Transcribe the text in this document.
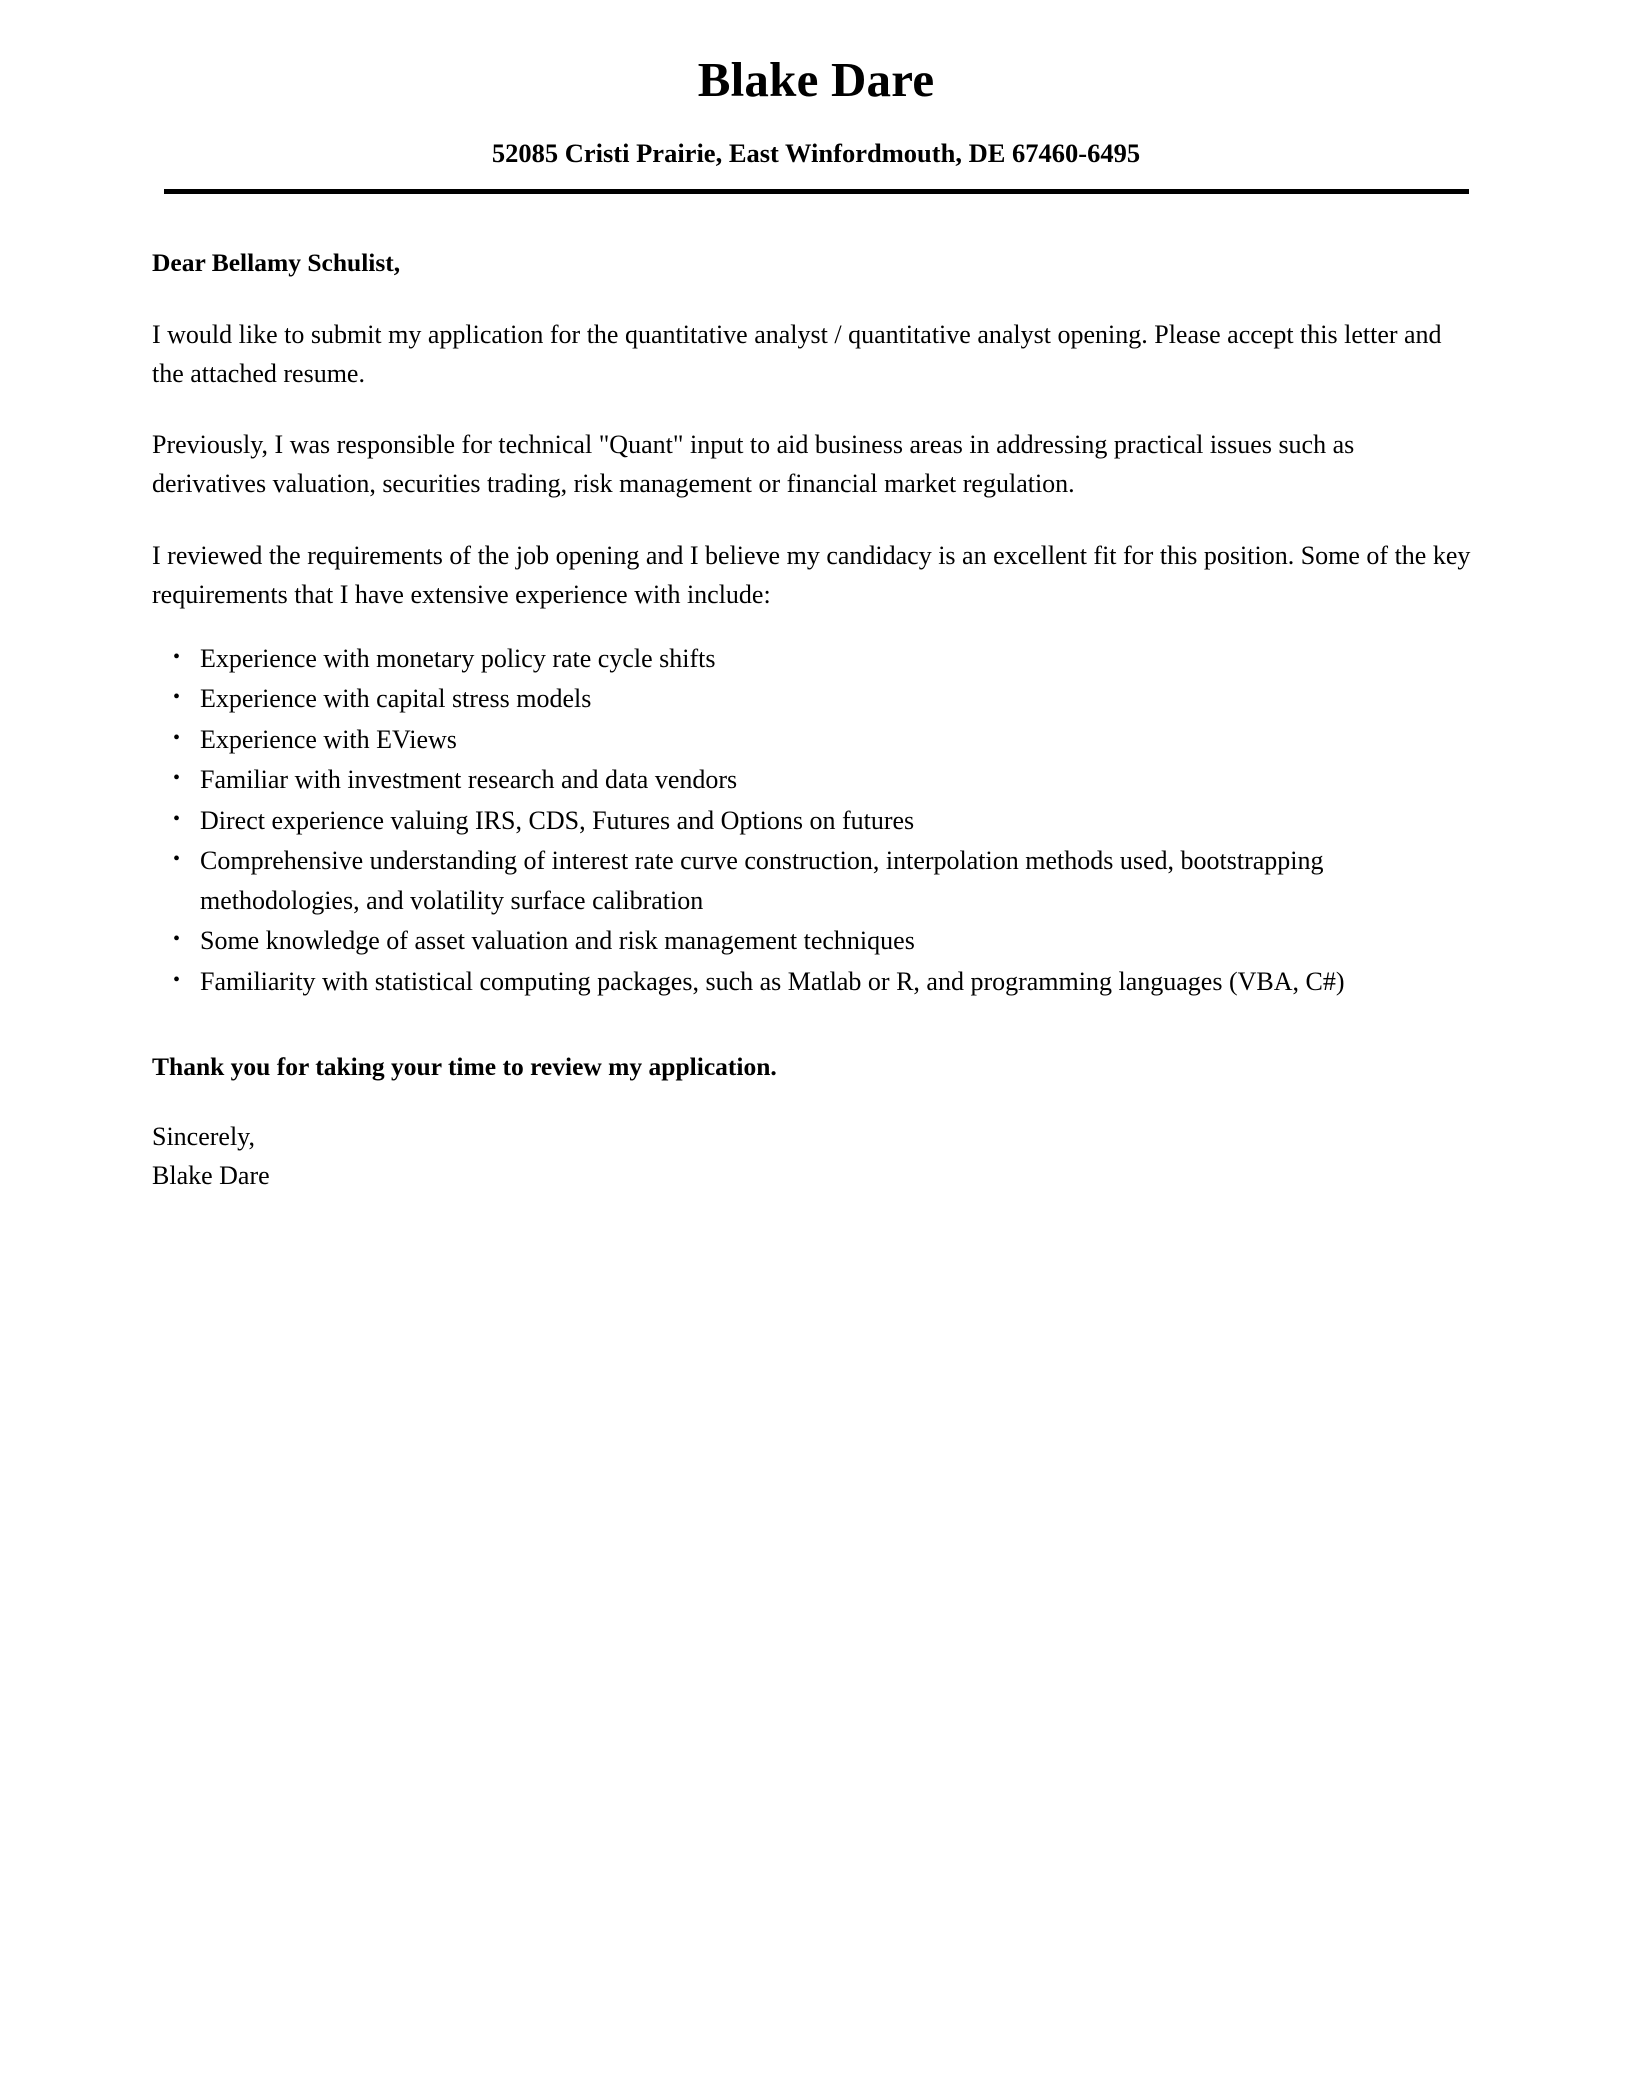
Blake Dare
52085 Cristi Prairie, East Winfordmouth, DE 67460-6495

Dear Bellamy Schulist,

I would like to submit my application for the quantitative analyst / quantitative analyst opening. Please accept this letter and the attached resume.

Previously, I was responsible for technical "Quant" input to aid business areas in addressing practical issues such as derivatives valuation, securities trading, risk management or financial market regulation.

I reviewed the requirements of the job opening and I believe my candidacy is an excellent fit for this position. Some of the key requirements that I have extensive experience with include:

• Experience with monetary policy rate cycle shifts
• Experience with capital stress models
• Experience with EViews
• Familiar with investment research and data vendors
• Direct experience valuing IRS, CDS, Futures and Options on futures
• Comprehensive understanding of interest rate curve construction, interpolation methods used, bootstrapping methodologies, and volatility surface calibration
• Some knowledge of asset valuation and risk management techniques
• Familiarity with statistical computing packages, such as Matlab or R, and programming languages (VBA, C#)

Thank you for taking your time to review my application.

Sincerely,
Blake Dare
